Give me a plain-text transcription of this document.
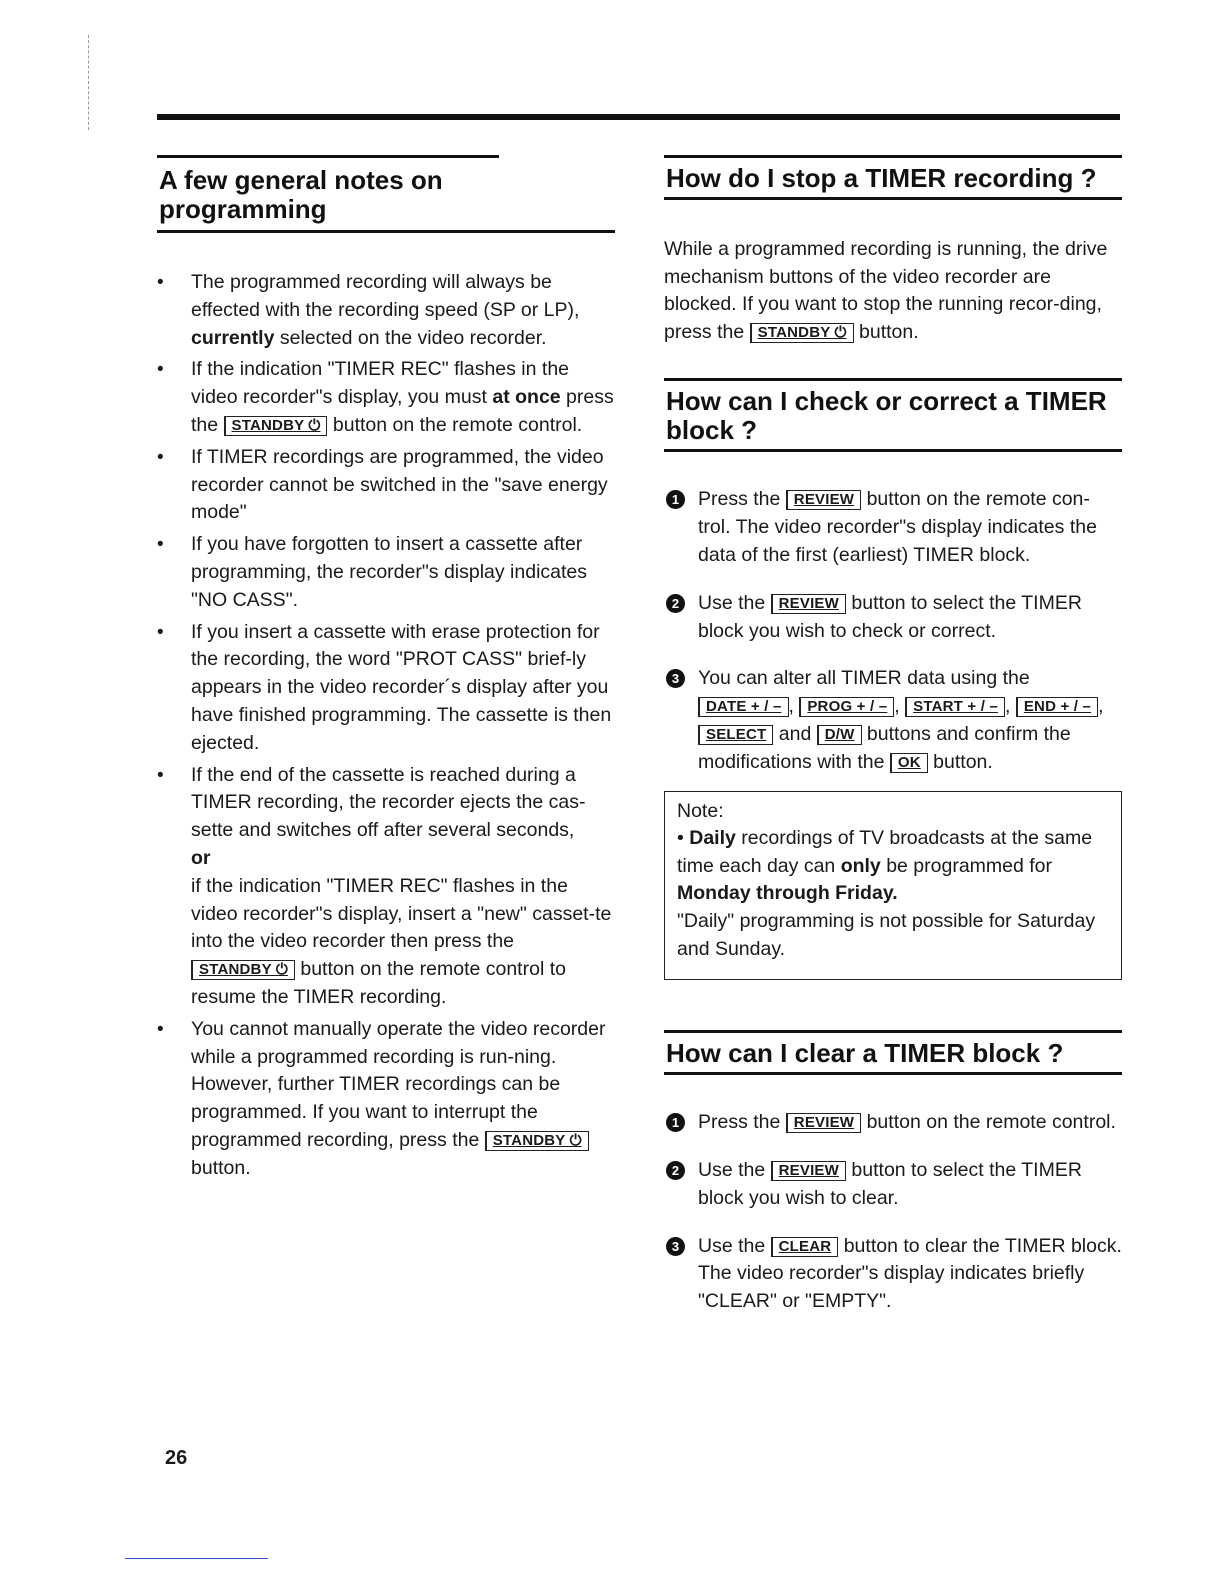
A few general notes on programming
• The programmed recording will always be effected with the recording speed (SP or LP), currently selected on the video recorder.
• If the indication "TIMER REC" flashes in the video recorder"s display, you must at once press the STANDBY ⏻ button on the remote control.
• If TIMER recordings are programmed, the video recorder cannot be switched in the "save energy mode"
• If you have forgotten to insert a cassette after programming, the recorder"s display indicates "NO CASS".
• If you insert a cassette with erase protection for the recording, the word "PROT CASS" brief-ly appears in the video recorder´s display after you have finished programming. The cassette is then ejected.
• If the end of the cassette is reached during a TIMER recording, the recorder ejects the cas-sette and switches off after several seconds,
or
if the indication "TIMER REC" flashes in the video recorder"s display, insert a "new" casset-te into the video recorder then press the STANDBY ⏻ button on the remote control to resume the TIMER recording.
• You cannot manually operate the video recorder while a programmed recording is run-ning. However, further TIMER recordings can be programmed. If you want to interrupt the programmed recording, press the STANDBY ⏻ button.
How do I stop a TIMER recording ?

While a programmed recording is running, the drive mechanism buttons of the video recorder are blocked. If you want to stop the running recor-ding, press the STANDBY ⏻ button.

How can I check or correct a TIMER block ?
1 Press the REVIEW button on the remote con-trol. The video recorder"s display indicates the data of the first (earliest) TIMER block.
2 Use the REVIEW button to select the TIMER block you wish to check or correct.
3 You can alter all TIMER data using the DATE + / – , PROG + / – , START + / – , END + / – , SELECT and D/W buttons and confirm the modifications with the OK button.
Note:
• Daily recordings of TV broadcasts at the same time each day can only be programmed for Monday through Friday.
"Daily" programming is not possible for Saturday and Sunday.
How can I clear a TIMER block ?
1 Press the REVIEW button on the remote control.
2 Use the REVIEW button to select the TIMER block you wish to clear.
3 Use the CLEAR button to clear the TIMER block. The video recorder"s display indicates briefly "CLEAR" or "EMPTY".
26
